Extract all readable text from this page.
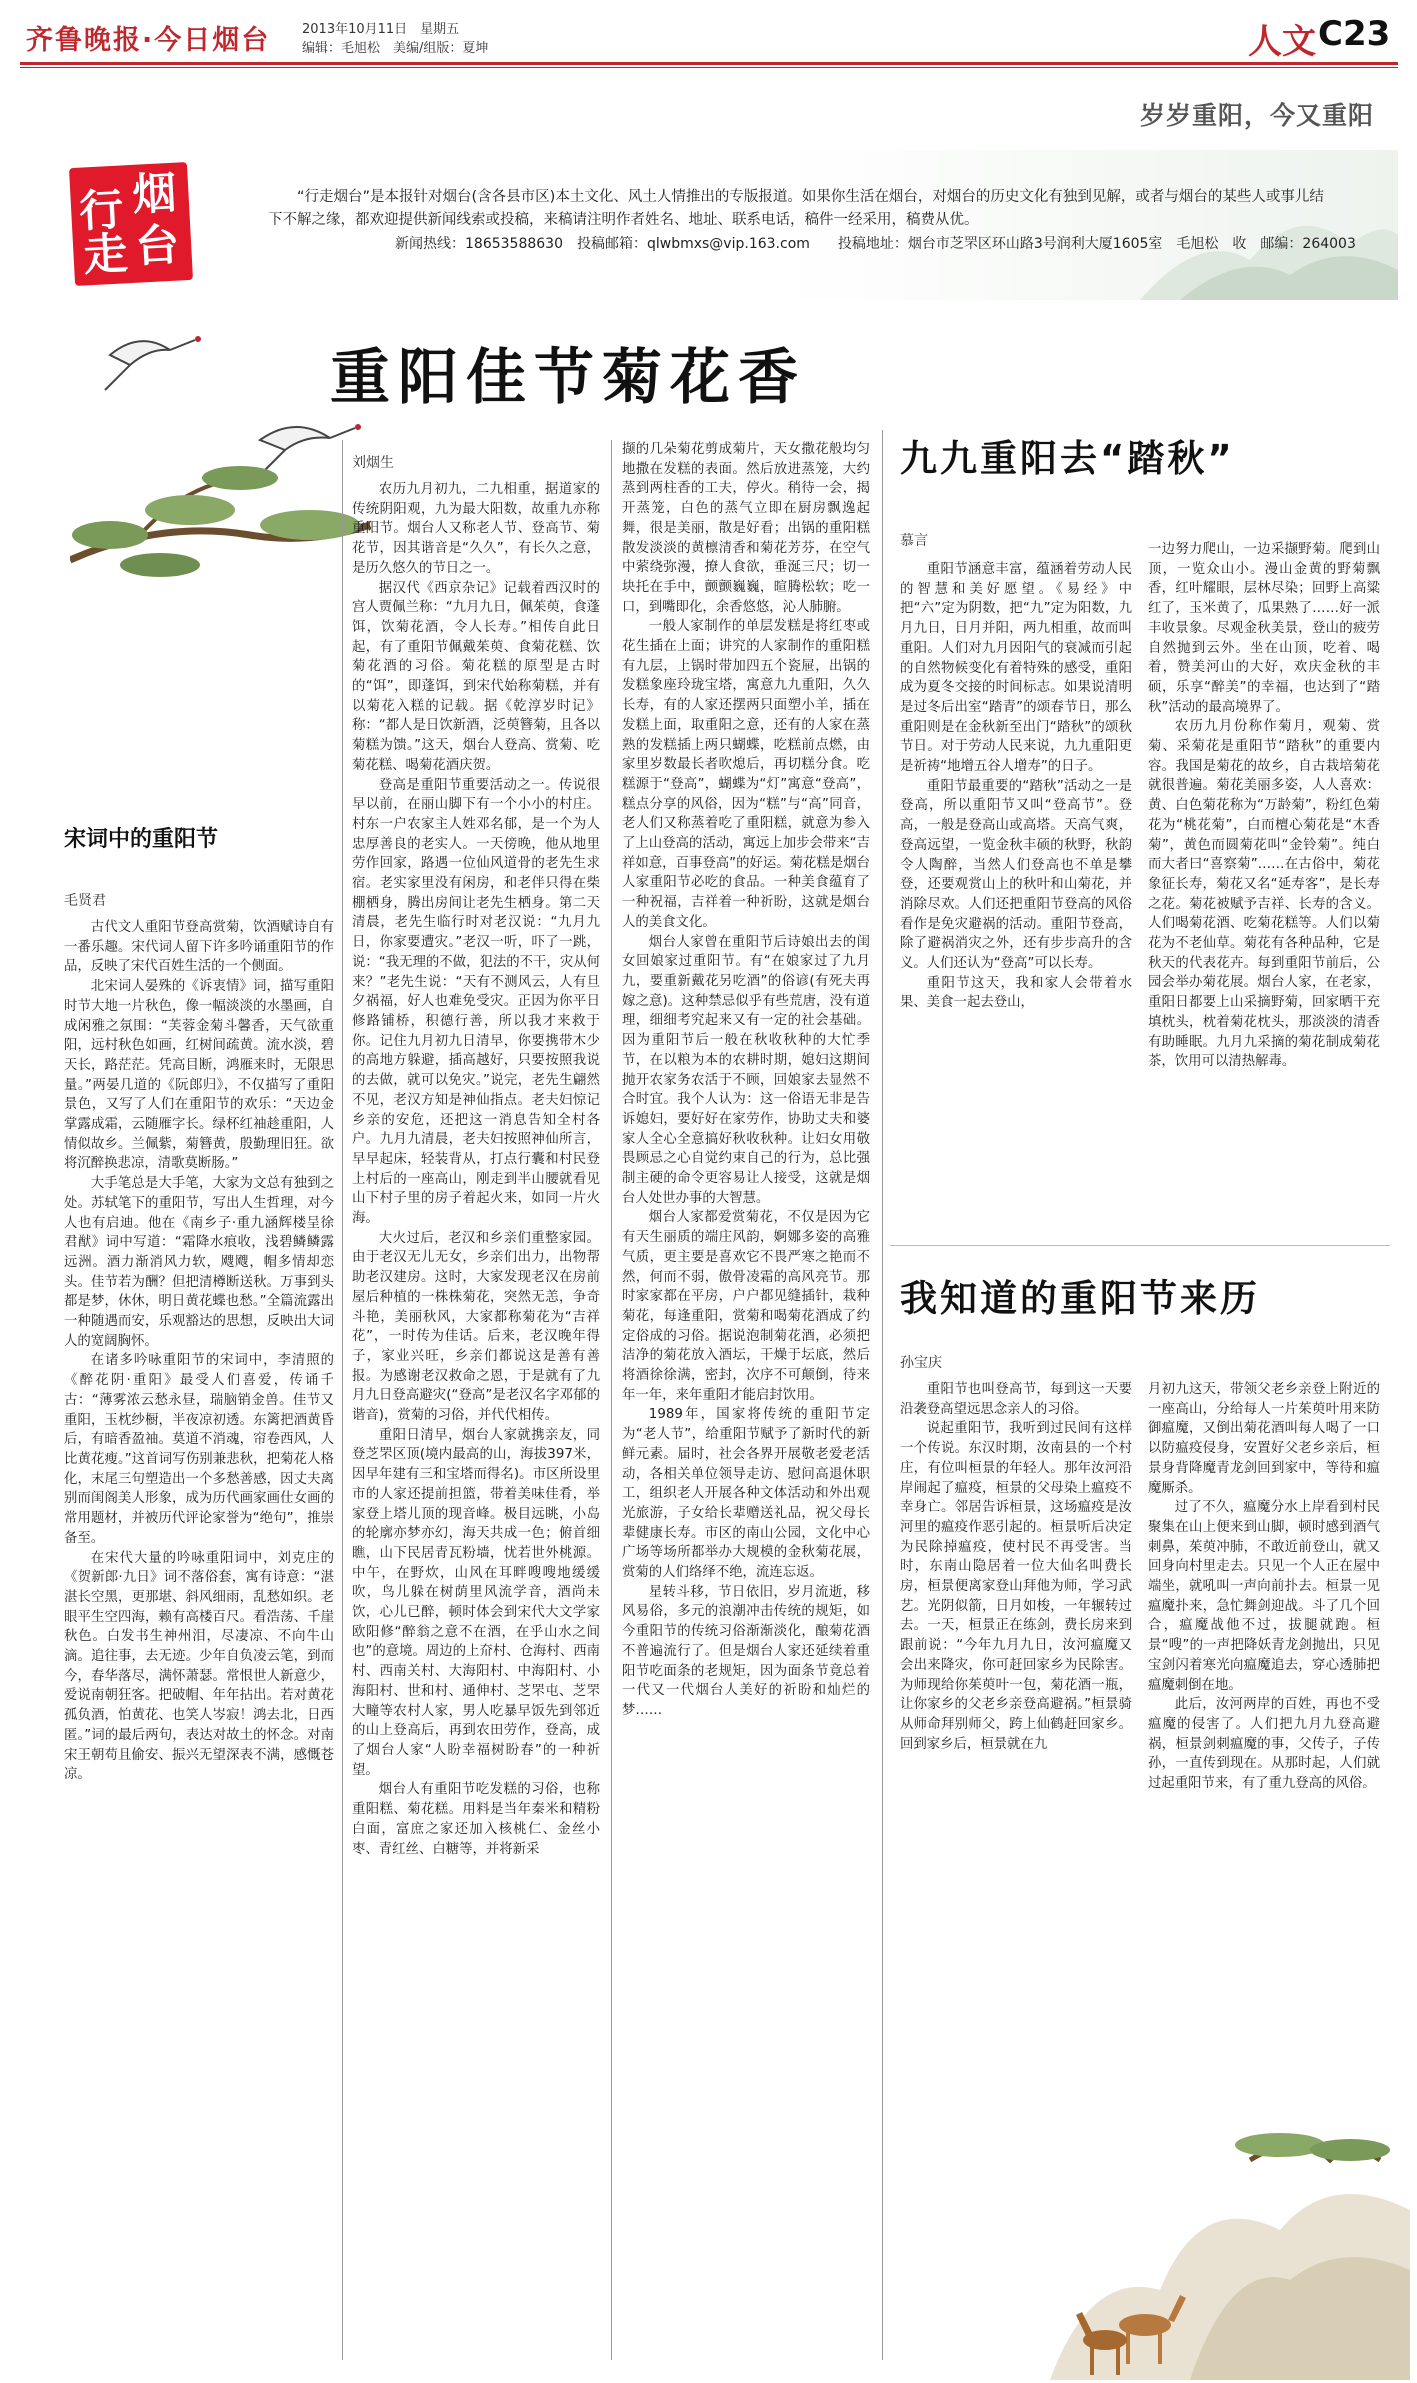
齐鲁晚报·今日烟台 2013年10月11日　星期五
编辑：毛旭松　美编/组版：夏坤	人文 C23
岁岁重阳，今又重阳
烟
行
走 台
“行走烟台”是本报针对烟台(含各县市区)本土文化、风土人情推出的专版报道。如果你生活在烟台，对烟台的历史文化有独到见解，或者与烟台的某些人或事儿结下不解之缘，都欢迎提供新闻线索或投稿，来稿请注明作者姓名、地址、联系电话，稿件一经采用，稿费从优。
新闻热线：18653588630　投稿邮箱：qlwbmxs@vip.163.com　　投稿地址：烟台市芝罘区环山路3号润利大厦1605室　毛旭松　收　邮编：264003
重阳佳节菊花香
刘烟生

农历九月初九，二九相重，据道家的传统阴阳观，九为最大阳数，故重九亦称重阳节。烟台人又称老人节、登高节、菊花节，因其谐音是“久久”，有长久之意，是历久悠久的节日之一。

据汉代《西京杂记》记载着西汉时的宫人贾佩兰称：“九月九日，佩茱萸，食蓬饵，饮菊花酒，令人长寿。”相传自此日起，有了重阳节佩戴茱萸、食菊花糕、饮菊花酒的习俗。菊花糕的原型是古时的“饵”，即蓬饵，到宋代始称菊糕，并有以菊花入糕的记载。据《乾淳岁时记》称：“都人是日饮新酒，泛萸簪菊，且各以菊糕为馈。”这天，烟台人登高、赏菊、吃菊花糕、喝菊花酒庆贺。

登高是重阳节重要活动之一。传说很早以前，在丽山脚下有一个小小的村庄。村东一户农家主人姓邓名郁，是一个为人忠厚善良的老实人。一天傍晚，他从地里劳作回家，路遇一位仙风道骨的老先生求宿。老实家里没有闲房，和老伴只得在柴棚栖身，腾出房间让老先生栖身。第二天清晨，老先生临行时对老汉说：“九月九日，你家要遭灾。”老汉一听，吓了一跳，说：“我无理的不做，犯法的不干，灾从何来？”老先生说：“天有不测风云，人有旦夕祸福，好人也难免受灾。正因为你平日修路铺桥，积德行善，所以我才来救于你。记住九月初九日清早，你要携带木少的高地方躲避，插高越好，只要按照我说的去做，就可以免灾。”说完，老先生翩然不见，老汉方知是神仙指点。老夫妇惊记乡亲的安危，还把这一消息告知全村各户。九月九清晨，老夫妇按照神仙所言，早早起床，轻装背从，打点行囊和村民登上村后的一座高山，刚走到半山腰就看见山下村子里的房子着起火来，如同一片火海。

大火过后，老汉和乡亲们重整家园。由于老汉无儿无女，乡亲们出力，出物帮助老汉建房。这时，大家发现老汉在房前屋后种植的一株株菊花，突然无恙，争奇斗艳，美丽秋风，大家都称菊花为“吉祥花”，一时传为佳话。后来，老汉晚年得子，家业兴旺，乡亲们都说这是善有善报。为感谢老汉救命之恩，于是就有了九月九日登高避灾(“登高”是老汉名字邓郁的谐音)，赏菊的习俗，并代代相传。

重阳日清早，烟台人家就携亲友，同登芝罘区顶(境内最高的山，海拔397米，因早年建有三和宝塔而得名)。市区所设里市的人家还提前担篮，带着美味佳肴，举家登上塔儿顶的现音峰。极目远眺，小岛的轮廓亦梦亦幻，海天共成一色；俯首细瞧，山下民居青瓦粉墙，忧若世外桃源。中午，在野炊，山风在耳畔嗖嗖地缓缓吹，鸟儿躲在树荫里风流学音，酒尚未饮，心儿已醉，顿时体会到宋代大文学家欧阳修“醉翁之意不在酒，在乎山水之间也”的意境。周边的上夼村、仓海村、西南村、西南关村、大海阳村、中海阳村、小海阳村、世和村、通伸村、芝罘屯、芝罘大疃等农村人家，男人吃暴早饭先到邻近的山上登高后，再到农田劳作，登高，成了烟台人家“人盼幸福树盼春”的一种祈望。

烟台人有重阳节吃发糕的习俗，也称重阳糕、菊花糕。用料是当年秦米和精粉白面，富庶之家还加入核桃仁、金丝小枣、青红丝、白糖等，并将新采

撷的几朵菊花剪成菊片，天女撒花般均匀地撒在发糕的表面。然后放进蒸笼，大约蒸到两柱香的工夫，停火。稍待一会，揭开蒸笼，白色的蒸气立即在厨房飘逸起舞，很是美丽，散是好看；出锅的重阳糕散发淡淡的黄檩清香和菊花芳芬，在空气中萦绕弥漫，撩人食欲，垂涎三尺；切一块托在手中，颤颤巍巍，暄腾松软；吃一口，到嘴即化，余香悠悠，沁人肺腑。

一般人家制作的单层发糕是将红枣或花生插在上面；讲究的人家制作的重阳糕有九层，上锅时带加四五个瓷屉，出锅的发糕象座玲珑宝塔，寓意九九重阳，久久长寿，有的人家还摆两只面塑小羊，插在发糕上面，取重阳之意，还有的人家在蒸熟的发糕插上两只蝴蝶，吃糕前点燃，由家里岁数最长者吹熄后，再切糕分食。吃糕源于“登高”，蝴蝶为“灯”寓意“登高”，糕点分享的风俗，因为“糕”与“高”同音，老人们又称蒸着吃了重阳糕，就意为参入了上山登高的活动，寓远上加步会带来“吉祥如意，百事登高”的好运。菊花糕是烟台人家重阳节必吃的食品。一种美食蕴育了一种祝福，吉祥着一种祈盼，这就是烟台人的美食文化。

烟台人家曾在重阳节后诗娘出去的闺女回娘家过重阳节。有“在娘家过了九月九，要重新戴花另吃酒”的俗谚(有死夫再嫁之意)。这种禁忌似乎有些荒唐，没有道理，细细考究起来又有一定的社会基础。因为重阳节后一般在秋收秋种的大忙季节，在以粮为本的农耕时期，媳妇这期间抛开农家务农活于不顾，回娘家去显然不合时宜。我个人认为：这一俗语无非是告诉媳妇，要好好在家劳作，协助丈夫和婆家人全心全意搞好秋收秋种。让妇女用敬畏顾忌之心自觉约束自己的行为，总比强制主硬的命令更容易让人接受，这就是烟台人处世办事的大智慧。

烟台人家都爱赏菊花，不仅是因为它有天生丽质的端庄风韵，婀娜多姿的高雅气质，更主要是喜欢它不畏严寒之艳而不然，何而不弱，傲骨凌霜的高风亮节。那时家家都在平房，户户都见缝插针，栽种菊花，每逢重阳，赏菊和喝菊花酒成了约定俗成的习俗。据说泡制菊花酒，必须把洁净的菊花放入酒坛，干燥于坛底，然后将酒徐徐满，密封，次序不可颠倒，待来年一年，来年重阳才能启封饮用。

1989年，国家将传统的重阳节定为“老人节”，给重阳节赋予了新时代的新鲜元素。届时，社会各界开展敬老爱老活动，各相关单位领导走访、慰问高退休职工，组织老人开展各种文体活动和外出观光旅游，子女给长辈赠送礼品，祝父母长辈健康长寿。市区的南山公园，文化中心广场等场所都举办大规模的金秋菊花展，赏菊的人们络绎不绝，流连忘返。

星转斗移，节日依旧，岁月流逝，移风易俗，多元的浪潮冲击传统的规矩，如今重阳节的传统习俗渐渐淡化，酿菊花酒不普遍流行了。但是烟台人家还延续着重阳节吃面条的老规矩，因为面条节竟总着一代又一代烟台人美好的祈盼和灿烂的梦……

宋词中的重阳节
毛贤君

古代文人重阳节登高赏菊，饮酒赋诗自有一番乐趣。宋代词人留下许多吟诵重阳节的作品，反映了宋代百姓生活的一个侧面。

北宋词人晏殊的《诉衷情》词，描写重阳时节大地一片秋色，像一幅淡淡的水墨画，自成闲雅之氛围：“芙蓉金菊斗馨香，天气欲重阳，远村秋色如画，红树间疏黄。流水淡，碧天长，路茫茫。凭高目断，鸿雁来时，无限思量。”两晏几道的《阮郎归》，不仅描写了重阳景色，又写了人们在重阳节的欢乐：“天边金掌露成霜，云随雁字长。绿杯红袖趁重阳，人情似故乡。兰佩紫，菊簪黄，殷勤理旧狂。欲将沉醉换悲凉，清歌莫断肠。”

大手笔总是大手笔，大家为文总有独到之处。苏轼笔下的重阳节，写出人生哲理，对今人也有启迪。他在《南乡子·重九涵辉楼呈徐君猷》词中写道：“霜降水痕收，浅碧鳞鳞露远洲。酒力渐消风力软，飕飕，帽多情却恋头。佳节若为酬？但把清樽断送秋。万事到头都是梦，休休，明日黄花蝶也愁。”全篇流露出一种随遇而安，乐观豁达的思想，反映出大词人的宽阔胸怀。

在诸多吟咏重阳节的宋词中，李清照的《醉花阴·重阳》最受人们喜爱，传诵千古：“薄雾浓云愁永昼，瑞脑销金兽。佳节又重阳，玉枕纱橱，半夜凉初透。东篱把酒黄昏后，有暗香盈袖。莫道不消魂，帘卷西风，人比黄花瘦。”这首词写伤别兼悲秋，把菊花人格化，末尾三句塑造出一个多愁善感，因丈夫离别而闺阁美人形象，成为历代画家画仕女画的常用题材，并被历代评论家誉为“绝句”，推崇备至。

在宋代大量的吟咏重阳词中，刘克庄的《贺新郎·九日》词不落俗套，寓有诗意：“湛湛长空黑，更那堪、斜风细雨，乱愁如织。老眼平生空四海，赖有高楼百尺。看浩荡、千崖秋色。白发书生神州泪，尽凄凉、不向牛山滴。追往事，去无迹。少年自负凌云笔，到而今，春华落尽，满怀萧瑟。常恨世人新意少，爱说南朝狂客。把破帽、年年拈出。若对黄花孤负酒，怕黄花、也笑人岑寂！鸿去北，日西匿。”词的最后两句，表达对故土的怀念。对南宋王朝苟且偷安、振兴无望深表不满，感慨苍凉。

九九重阳去“踏秋”
慕言

重阳节涵意丰富，蕴涵着劳动人民的智慧和美好愿望。《易经》中把“六”定为阴数，把“九”定为阳数，九月九日，日月并阳，两九相重，故而叫重阳。人们对九月因阳气的衰减而引起的自然物候变化有着特殊的感受，重阳成为夏冬交接的时间标志。如果说清明是过冬后出室“踏青”的颂春节日，那么重阳则是在金秋新至出门“踏秋”的颂秋节日。对于劳动人民来说，九九重阳更是祈祷“地增五谷人增寿”的日子。

重阳节最重要的“踏秋”活动之一是登高，所以重阳节又叫“登高节”。登高，一般是登高山或高塔。天高气爽，登高远望，一览金秋丰硕的秋野，秋韵令人陶醉，当然人们登高也不单是攀登，还要观赏山上的秋叶和山菊花，并消除尽欢。人们还把重阳节登高的风俗看作是免灾避祸的活动。重阳节登高，除了避祸消灾之外，还有步步高升的含义。人们还认为“登高”可以长寿。

重阳节这天，我和家人会带着水果、美食一起去登山，

一边努力爬山，一边采撷野菊。爬到山顶，一览众山小。漫山金黄的野菊飘香，红叶耀眼，层林尽染；回野上高粱红了，玉米黄了，瓜果熟了……好一派丰收景象。尽观金秋美景，登山的疲劳自然抛到云外。坐在山顶，吃着、喝着，赞美河山的大好，欢庆金秋的丰硕，乐享“醉美”的幸福，也达到了“踏秋”活动的最高境界了。

农历九月份称作菊月，观菊、赏菊、采菊花是重阳节“踏秋”的重要内容。我国是菊花的故乡，自古栽培菊花就很普遍。菊花美丽多姿，人人喜欢：黄、白色菊花称为“万龄菊”，粉红色菊花为“桃花菊”，白而檀心菊花是“木香菊”，黄色而圆菊花叫“金铃菊”。纯白而大者曰“喜察菊”……在古俗中，菊花象征长寿，菊花又名“延寿客”，是长寿之花。菊花被赋予吉祥、长寿的含义。人们喝菊花酒、吃菊花糕等。人们以菊花为不老仙草。菊花有各种品种，它是秋天的代表花卉。每到重阳节前后，公园会举办菊花展。烟台人家，在老家，重阳日都要上山采摘野菊，回家晒干充填枕头，枕着菊花枕头，那淡淡的清香有助睡眠。九月九采摘的菊花制成菊花茶，饮用可以清热解毒。

我知道的重阳节来历
孙宝庆

重阳节也叫登高节，每到这一天要沿袭登高望远思念亲人的习俗。

说起重阳节，我听到过民间有这样一个传说。东汉时期，汝南县的一个村庄，有位叫桓景的年轻人。那年汝河沿岸闹起了瘟疫，桓景的父母染上瘟疫不幸身亡。邻居告诉桓景，这场瘟疫是汝河里的瘟疫作恶引起的。桓景听后决定为民除掉瘟疫，使村民不再受害。当时，东南山隐居着一位大仙名叫费长房，桓景便离家登山拜他为师，学习武艺。光阴似箭，日月如梭，一年辗转过去。一天，桓景正在练剑，费长房来到跟前说：“今年九月九日，汝河瘟魔又会出来降灾，你可赶回家乡为民除害。为师现给你茱萸叶一包，菊花酒一瓶，让你家乡的父老乡亲登高避祸。”桓景骑从师命拜别师父，跨上仙鹤赶回家乡。回到家乡后，桓景就在九

月初九这天，带领父老乡亲登上附近的一座高山，分给每人一片茱萸叶用来防御瘟魔，又倒出菊花酒叫每人喝了一口以防瘟疫侵身，安置好父老乡亲后，桓景身背降魔青龙剑回到家中，等待和瘟魔厮杀。

过了不久，瘟魔分水上岸看到村民聚集在山上便来到山脚，顿时感到酒气刺鼻，茱萸冲肺，不敢近前登山，就又回身向村里走去。只见一个人正在屋中端坐，就吼叫一声向前扑去。桓景一见瘟魔扑来，急忙舞剑迎战。斗了几个回合，瘟魔战他不过，拔腿就跑。桓景“嗖”的一声把降妖青龙剑抛出，只见宝剑闪着寒光向瘟魔追去，穿心透肺把瘟魔刺倒在地。

此后，汝河两岸的百姓，再也不受瘟魔的侵害了。人们把九月九登高避祸，桓景剑刺瘟魔的事，父传子，子传孙，一直传到现在。从那时起，人们就过起重阳节来，有了重九登高的风俗。
